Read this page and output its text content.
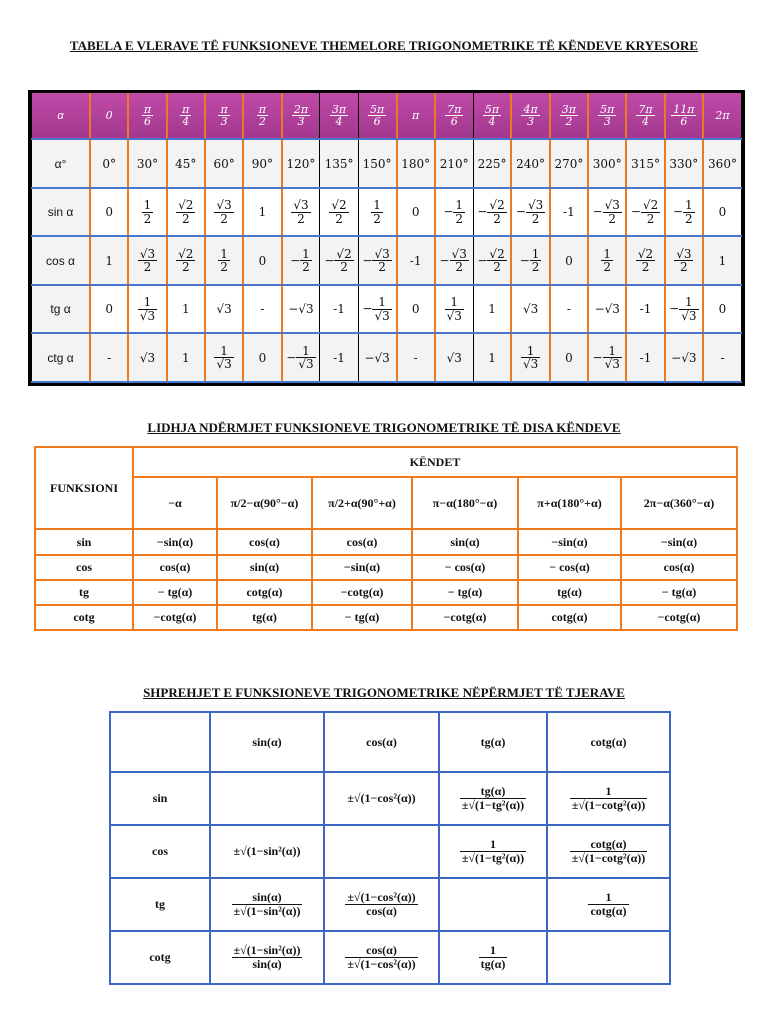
TABELA E VLERAVE TË FUNKSIONEVE THEMELORE TRIGONOMETRIKE TË KËNDEVE KRYESORE
α	0	$\frac{\pi}{6}$	$\frac{\pi}{4}$	$\frac{\pi}{3}$	$\frac{\pi}{2}$	$\frac{2\pi}{3}$	$\frac{3\pi}{4}$	$\frac{5\pi}{6}$	π	$\frac{7\pi}{6}$	$\frac{5\pi}{4}$	$\frac{4\pi}{3}$	$\frac{3\pi}{2}$	$\frac{5\pi}{3}$	$\frac{7\pi}{4}$	$\frac{11\pi}{6}$	2π
α°	0°	30°	45°	60°	90°	120°	135°	150°	180°	210°	225°	240°	270°	300°	315°	330°	360°
sin α	0	$\frac{1}{2}$	$\frac{√2}{2}$	$\frac{√3}{2}$	1	$\frac{√3}{2}$	$\frac{√2}{2}$	$\frac{1}{2}$	0	− $\frac{1}{2}$	− $\frac{√2}{2}$	− $\frac{√3}{2}$	-1	− $\frac{√3}{2}$	− $\frac{√2}{2}$	− $\frac{1}{2}$	0
cos α	1	$\frac{√3}{2}$	$\frac{√2}{2}$	$\frac{1}{2}$	0	− $\frac{1}{2}$	− $\frac{√2}{2}$	− $\frac{√3}{2}$	-1	− $\frac{√3}{2}$	− $\frac{√2}{2}$	− $\frac{1}{2}$	0	$\frac{1}{2}$	$\frac{√2}{2}$	$\frac{√3}{2}$	1
tg α	0	$\frac{1}{√3}$	1	√3	-	−√3	-1	− $\frac{1}{√3}$	0	$\frac{1}{√3}$	1	√3	-	−√3	-1	− $\frac{1}{√3}$	0
ctg α	-	√3	1	$\frac{1}{√3}$	0	− $\frac{1}{√3}$	-1	−√3	-	√3	1	$\frac{1}{√3}$	0	− $\frac{1}{√3}$	-1	−√3	-
LIDHJA NDËRMJET FUNKSIONEVE TRIGONOMETRIKE TË DISA KËNDEVE
FUNKSIONI	KËNDET					
	−α	π/2−α(90°−α)	π/2+α(90°+α)	π−α(180°−α)	π+α(180°+α)	2π−α(360°−α)
sin	−sin(α)	cos(α)	cos(α)	sin(α)	−sin(α)	−sin(α)
cos	cos(α)	sin(α)	−sin(α)	− cos(α)	− cos(α)	cos(α)
tg	− tg(α)	cotg(α)	−cotg(α)	− tg(α)	tg(α)	− tg(α)
cotg	−cotg(α)	tg(α)	− tg(α)	−cotg(α)	cotg(α)	−cotg(α)
SHPREHJET E FUNKSIONEVE TRIGONOMETRIKE NËPËRMJET TË TJERAVE
	sin(α)	cos(α)	tg(α)	cotg(α)
sin		±√(1−cos²(α))	$\frac{tg(\alpha)}{\text{±√(1−tg²(α))}}$	$\frac{1}{\text{±√(1−cotg²(α))}}$

cos	±√(1−sin²(α))		$\frac{1}{\text{±√(1−tg²(α))}}$	$\frac{\cot g(\alpha)}{\text{±√(1−cotg²(α))}}$

tg	$\frac{\sin(\alpha)}{\text{±√(1−sin²(α))}}$	$\frac{\text{±√(1−cos²(α))}}{\cos(\alpha)}$		$\frac{1}{\cot g(\alpha)}$

cotg	$\frac{\text{±√(1−sin²(α))}}{\sin(\alpha)}$	$\frac{\cos(\alpha)}{\text{±√(1−cos²(α))}}$	$\frac{1}{tg(\alpha)}$
